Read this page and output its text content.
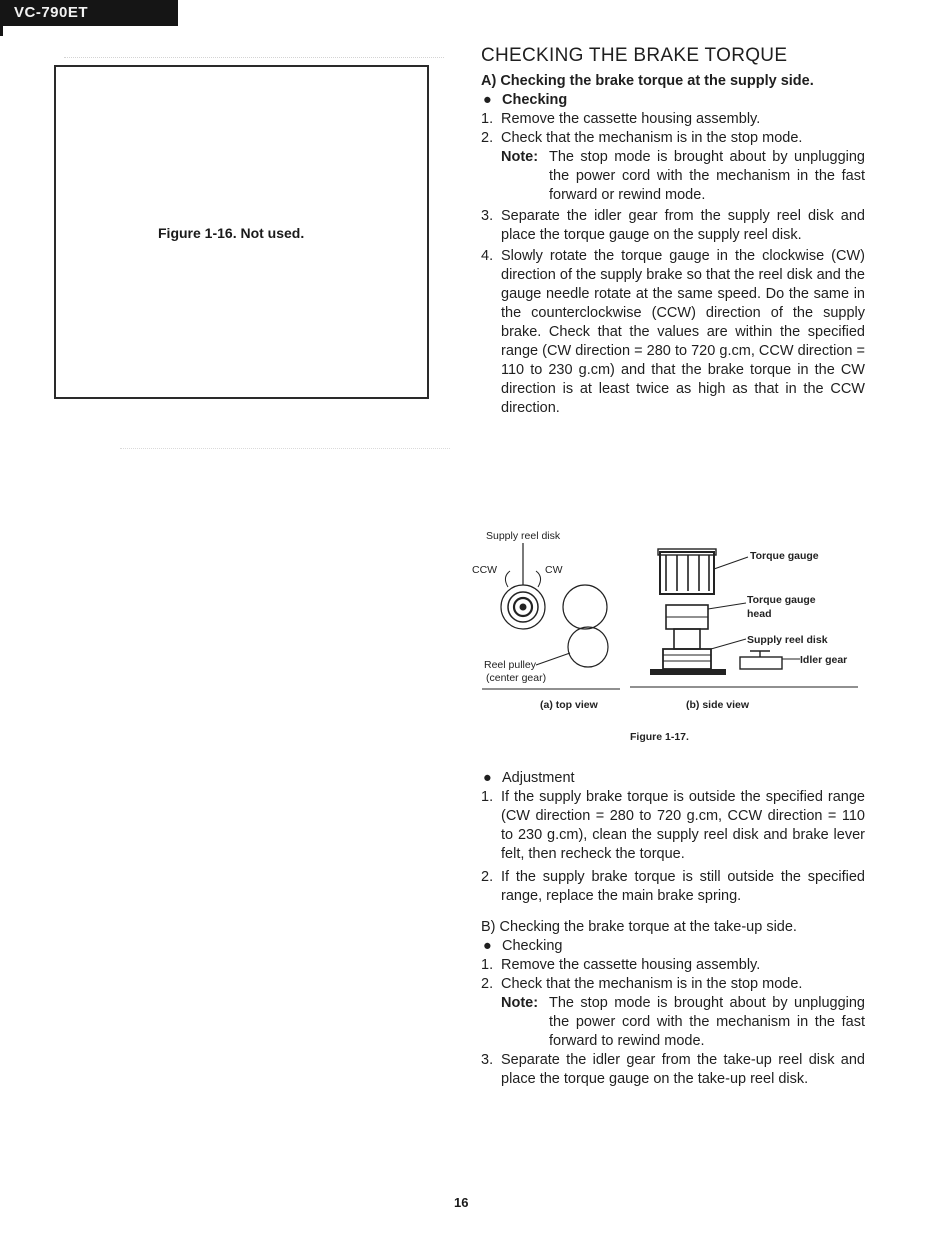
VC-790ET
Figure 1-16. Not used.
CHECKING THE BRAKE TORQUE

A) Checking the brake torque at the supply side.

● Checking

1. Remove the cassette housing assembly.
2. Check that the mechanism is in the stop mode.
Note: The stop mode is brought about by unplugging the power cord with the mechanism in the fast forward or rewind mode.
3. Separate the idler gear from the supply reel disk and place the torque gauge on the supply reel disk.
4. Slowly rotate the torque gauge in the clockwise (CW) direction of the supply brake so that the reel disk and the gauge needle rotate at the same speed. Do the same in the counterclockwise (CCW) direction of the supply brake. Check that the values are within the specified range (CW direction = 280 to 720 g.cm, CCW direction = 110 to 230 g.cm) and that the brake torque in the CW direction is at least twice as high as that in the CCW direction.
Supply reel disk
CCW	CW
Reel pulley
(center gear)
(a) top view
Torque gauge
Torque gauge
head
Supply reel disk
Idler gear
(b) side view
Figure 1-17.

● Adjustment

1. If the supply brake torque is outside the specified range (CW direction = 280 to 720 g.cm, CCW direction = 110 to 230 g.cm), clean the supply reel disk and brake lever felt, then recheck the torque.
2. If the supply brake torque is still outside the specified range, replace the main brake spring.

B) Checking the brake torque at the take-up side.

● Checking

1. Remove the cassette housing assembly.
2. Check that the mechanism is in the stop mode.
Note: The stop mode is brought about by unplugging the power cord with the mechanism in the fast forward to rewind mode.
3. Separate the idler gear from the take-up reel disk and place the torque gauge on the take-up reel disk.
16
